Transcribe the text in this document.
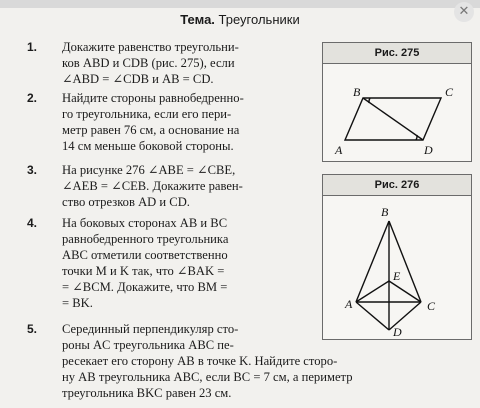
✕
Тема. Треугольники
1. Докажите равенство треугольни-
ков ABD и CDB (рис. 275), если
∠ABD = ∠CDB и AB = CD.
2. Найдите стороны равнобедренно-
го треугольника, если его пери-
метр равен 76 см, а основание на
14 см меньше боковой стороны.
3. На рисунке 276 ∠ABE = ∠CBE,
∠AEB = ∠CEB. Докажите равен-
ство отрезков AD и CD.
4. На боковых сторонах AB и BC
равнобедренного треугольника
ABC отметили соответственно
точки M и K так, что ∠BAK =
= ∠BCM. Докажите, что BM =
= BK.
5. Серединный перпендикуляр сто-
роны AC треугольника ABC пе-
ресекает его сторону AB в точке K. Найдите сторо-
ну AB треугольника ABC, если BC = 7 см, а периметр
треугольника BKC равен 23 см.
Рис. 275
A
B	C
D
Рис. 276
B
E
A	C
D
